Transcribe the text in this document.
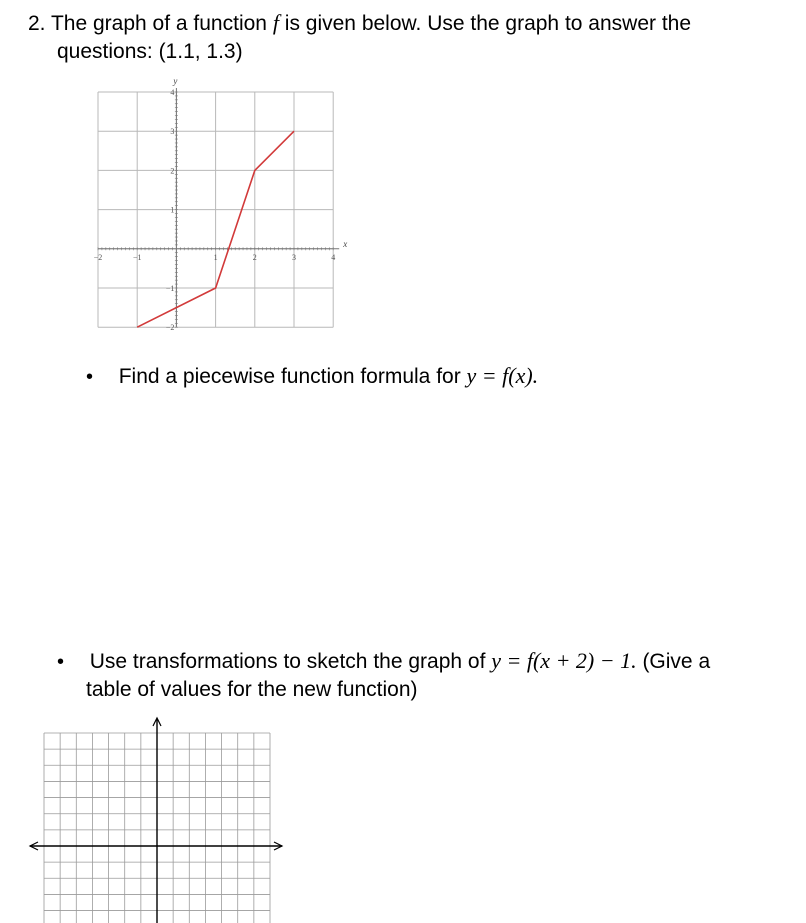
2. The graph of a function f is given below. Use the graph to answer the
questions: (1.1, 1.3)
x
y
−2	−1	1	2	3	4
4
3
2
1
−1
−2
• Find a piecewise function formula for y = f(x).
• Use transformations to sketch the graph of y = f(x + 2) − 1. (Give a
table of values for the new function)
